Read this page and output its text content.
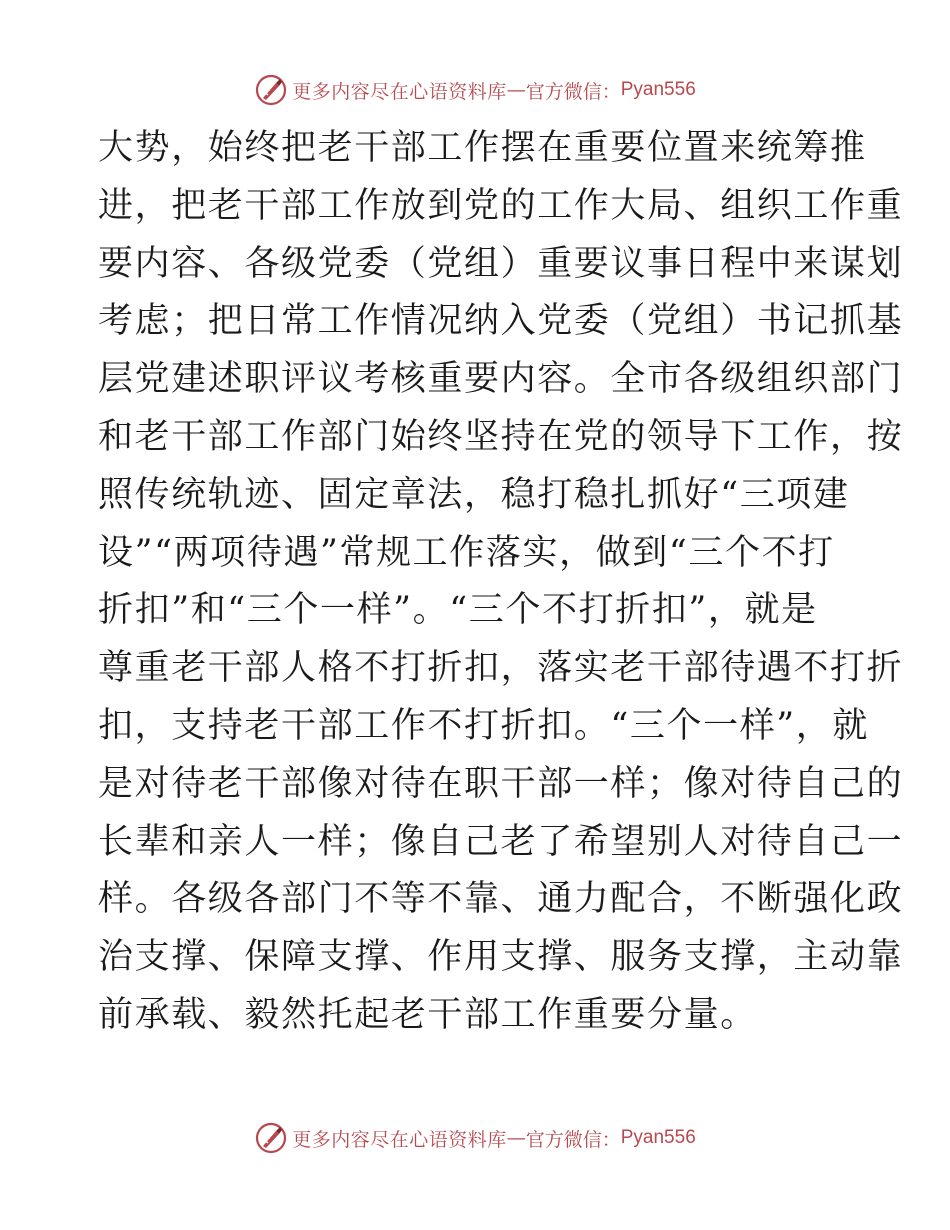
更多内容尽在心语资料库 — 官方微信： Pyan556
大势，始终把老干部工作摆在重要位置来统筹推
进，把老干部工作放到党的工作大局、组织工作重
要内容、各级党委（党组）重要议事日程中来谋划
考虑；把日常工作情况纳入党委（党组）书记抓基
层党建述职评议考核重要内容。全市各级组织部门
和老干部工作部门始终坚持在党的领导下工作，按
照传统轨迹、固定章法，稳打稳扎抓好“三项建
设”“两项待遇”常规工作落实，做到“三个不打
折扣”和“三个一样”。“三个不打折扣”，就是
尊重老干部人格不打折扣，落实老干部待遇不打折
扣，支持老干部工作不打折扣。“三个一样”，就
是对待老干部像对待在职干部一样；像对待自己的
长辈和亲人一样；像自己老了希望别人对待自己一
样。各级各部门不等不靠、通力配合，不断强化政
治支撑、保障支撑、作用支撑、服务支撑，主动靠
前承载、毅然托起老干部工作重要分量。
更多内容尽在心语资料库 — 官方微信： Pyan556
